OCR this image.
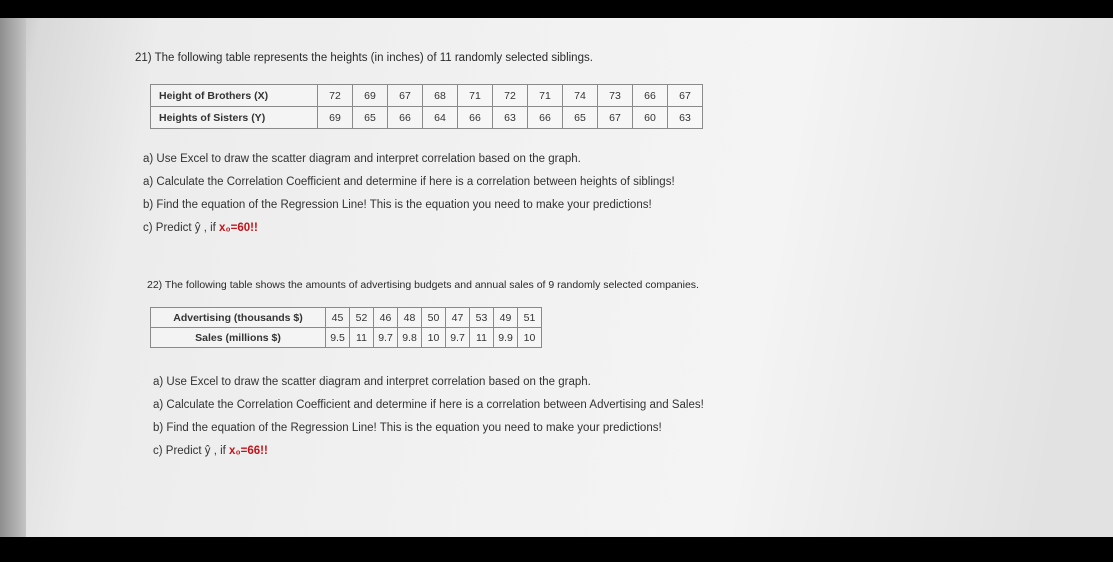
21) The following table represents the heights (in inches) of 11 randomly selected siblings.
Height of Brothers (X)	72	69	67	68	71	72	71	74	73	66	67
Heights of Sisters (Y)	69	65	66	64	66	63	66	65	67	60	63
a) Use Excel to draw the scatter diagram and interpret correlation based on the graph.
a) Calculate the Correlation Coefficient and determine if here is a correlation between heights of siblings!
b) Find the equation of the Regression Line! This is the equation you need to make your predictions!
c) Predict ŷ , if x₀=60!!
22) The following table shows the amounts of advertising budgets and annual sales of 9 randomly selected companies.
Advertising (thousands $)	45	52	46	48	50	47	53	49	51
Sales (millions $)	9.5	11	9.7	9.8	10	9.7	11	9.9	10
a) Use Excel to draw the scatter diagram and interpret correlation based on the graph.
a) Calculate the Correlation Coefficient and determine if here is a correlation between Advertising and Sales!
b) Find the equation of the Regression Line! This is the equation you need to make your predictions!
c) Predict ŷ , if x₀=66!!
